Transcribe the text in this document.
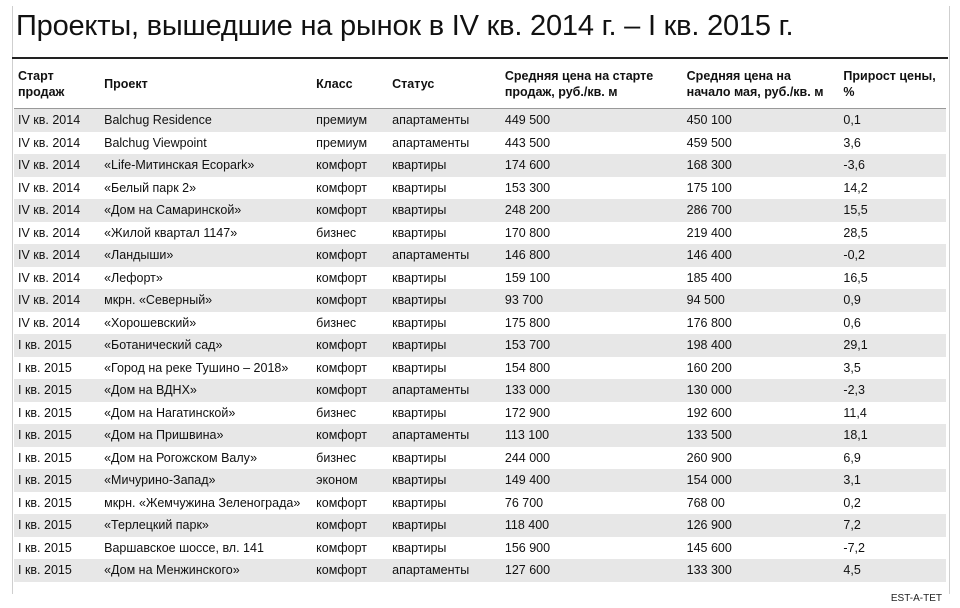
Проекты, вышедшие на рынок в IV кв. 2014 г. – I кв. 2015 г.
Старт продаж	Проект	Класс	Статус	Средняя цена на старте продаж, руб./кв. м	Средняя цена на начало мая, руб./кв. м	Прирост цены, %
IV кв. 2014	Balchug Residence	премиум	апартаменты	449 500	450 100	0,1
IV кв. 2014	Balchug Viewpoint	премиум	апартаменты	443 500	459 500	3,6
IV кв. 2014	«Life-Митинская Ecopark»	комфорт	квартиры	174 600	168 300	-3,6
IV кв. 2014	«Белый парк 2»	комфорт	квартиры	153 300	175 100	14,2
IV кв. 2014	«Дом на Самаринской»	комфорт	квартиры	248 200	286 700	15,5
IV кв. 2014	«Жилой квартал 1147»	бизнес	квартиры	170 800	219 400	28,5
IV кв. 2014	«Ландыши»	комфорт	апартаменты	146 800	146 400	-0,2
IV кв. 2014	«Лефорт»	комфорт	квартиры	159 100	185 400	16,5
IV кв. 2014	мкрн. «Северный»	комфорт	квартиры	93 700	94 500	0,9
IV кв. 2014	«Хорошевский»	бизнес	квартиры	175 800	176 800	0,6
I кв. 2015	«Ботанический сад»	комфорт	квартиры	153 700	198 400	29,1
I кв. 2015	«Город на реке Тушино – 2018»	комфорт	квартиры	154 800	160 200	3,5
I кв. 2015	«Дом на ВДНХ»	комфорт	апартаменты	133 000	130 000	-2,3
I кв. 2015	«Дом на Нагатинской»	бизнес	квартиры	172 900	192 600	11,4
I кв. 2015	«Дом на Пришвина»	комфорт	апартаменты	113 100	133 500	18,1
I кв. 2015	«Дом на Рогожском Валу»	бизнес	квартиры	244 000	260 900	6,9
I кв. 2015	«Мичурино-Запад»	эконом	квартиры	149 400	154 000	3,1
I кв. 2015	мкрн. «Жемчужина Зеленограда»	комфорт	квартиры	76 700	768 00	0,2
I кв. 2015	«Терлецкий парк»	комфорт	квартиры	118 400	126 900	7,2
I кв. 2015	Варшавское шоссе, вл. 141	комфорт	квартиры	156 900	145 600	-7,2
I кв. 2015	«Дом на Менжинского»	комфорт	апартаменты	127 600	133 300	4,5
EST-A-TET
